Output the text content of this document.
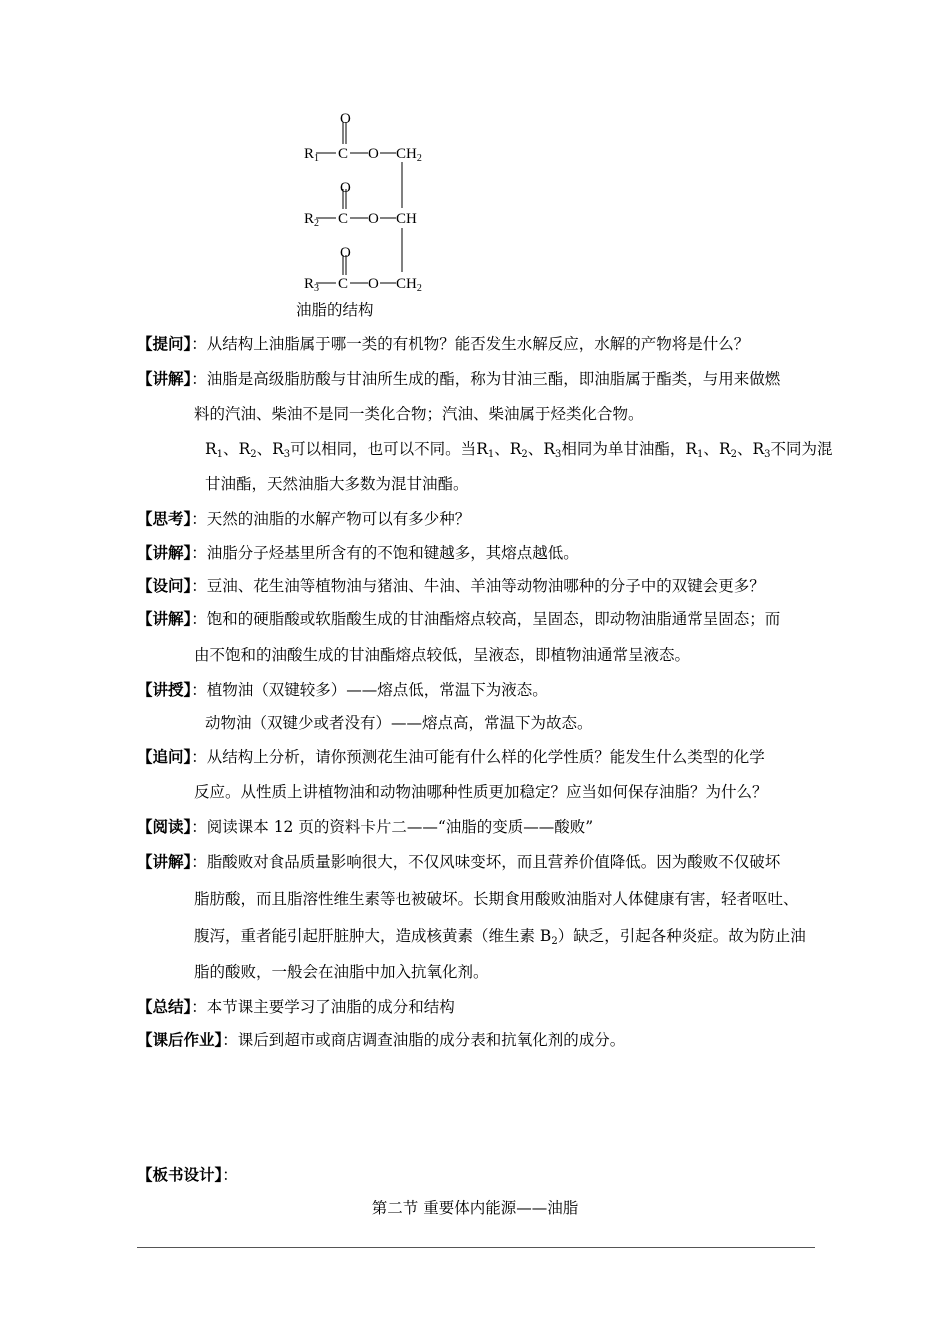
O
O
O
$R_1$
$R_2$
$R_3$
C
C
C
O
O
O
$CH_2$
CH
$CH_2$
油脂的结构
【提问】：从结构上油脂属于哪一类的有机物？能否发生水解反应，水解的产物将是什么？
【讲解】：油脂是高级脂肪酸与甘油所生成的酯，称为甘油三酯，即油脂属于酯类，与用来做燃
料的汽油、柴油不是同一类化合物；汽油、柴油属于烃类化合物。
$R_1$、$R_2$、$R_3$可以相同，也可以不同。当$R_1$、$R_2$、$R_3$相同为单甘油酯，$R_1$、$R_2$、$R_3$不同为混
甘油酯，天然油脂大多数为混甘油酯。
【思考】：天然的油脂的水解产物可以有多少种？
【讲解】：油脂分子烃基里所含有的不饱和键越多，其熔点越低。
【设问】：豆油、花生油等植物油与猪油、牛油、羊油等动物油哪种的分子中的双键会更多？
【讲解】：饱和的硬脂酸或软脂酸生成的甘油酯熔点较高，呈固态，即动物油脂通常呈固态；而
由不饱和的油酸生成的甘油酯熔点较低，呈液态，即植物油通常呈液态。
【讲授】：植物油（双键较多）——熔点低，常温下为液态。
动物油（双键少或者没有）——熔点高，常温下为故态。
【追问】：从结构上分析，请你预测花生油可能有什么样的化学性质？能发生什么类型的化学
反应。从性质上讲植物油和动物油哪种性质更加稳定？应当如何保存油脂？为什么？
【阅读】：阅读课本 12 页的资料卡片二——“油脂的变质——酸败”
【讲解】：脂酸败对食品质量影响很大，不仅风味变坏，而且营养价值降低。因为酸败不仅破坏
脂肪酸，而且脂溶性维生素等也被破坏。长期食用酸败油脂对人体健康有害，轻者呕吐、
腹泻，重者能引起肝脏肿大，造成核黄素（维生素 $B_2$）缺乏，引起各种炎症。故为防止油
脂的酸败，一般会在油脂中加入抗氧化剂。
【总结】：本节课主要学习了油脂的成分和结构
【课后作业】：课后到超市或商店调查油脂的成分表和抗氧化剂的成分。
【板书设计】：
第二节 重要体内能源——油脂
